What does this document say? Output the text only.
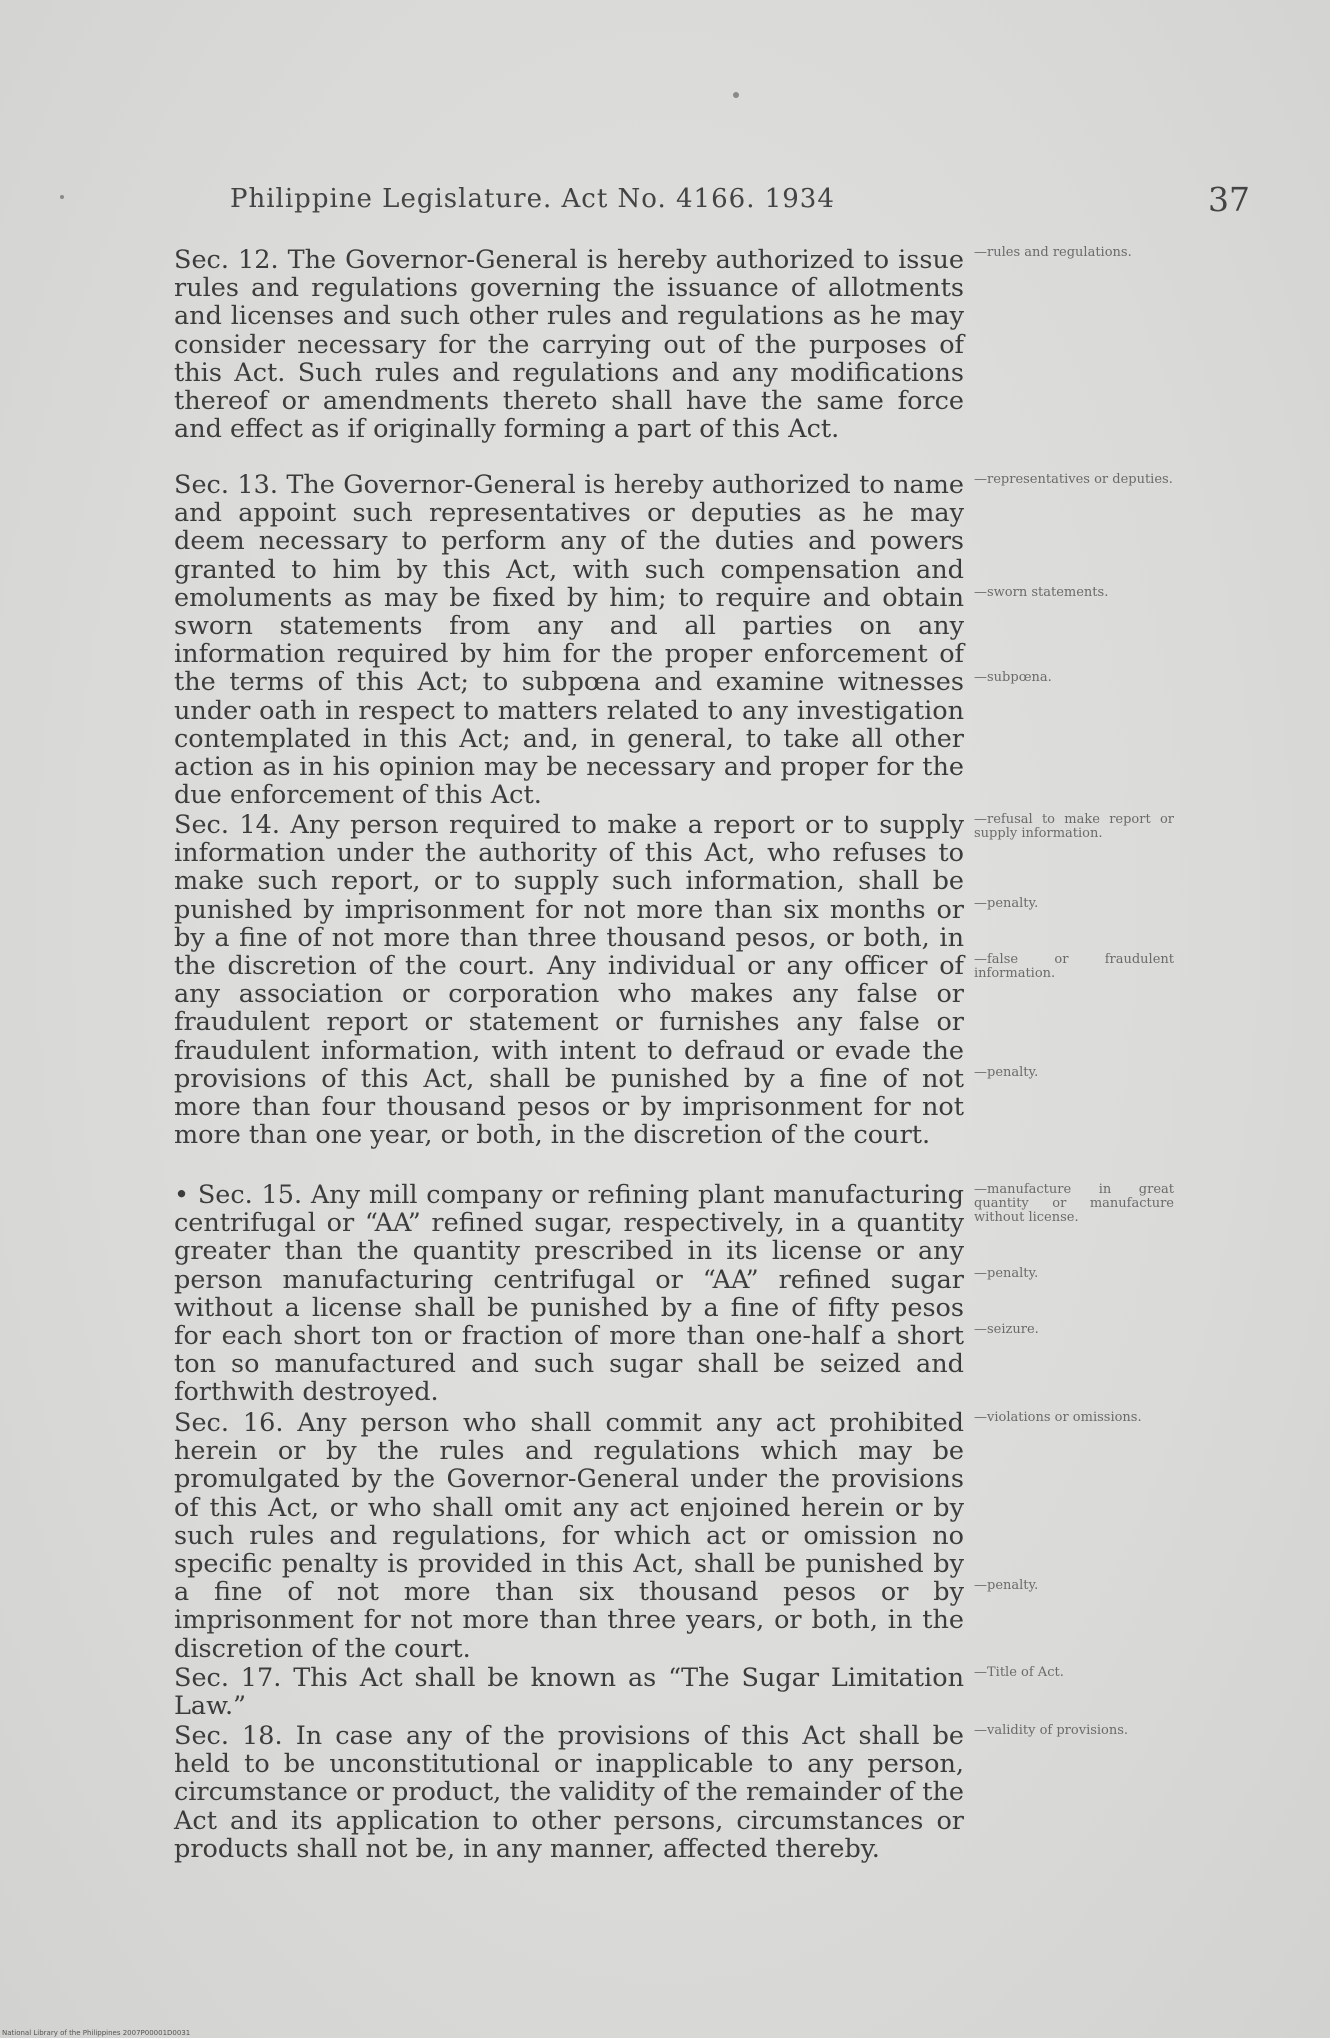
Philippine Legislature. Act No. 4166. 1934	37

Sec. 12. The Governor-General is hereby authorized to issue rules and regulations governing the issuance of allotments and licenses and such other rules and regulations as he may consider necessary for the carrying out of the purposes of this Act. Such rules and regulations and any modifications thereof or amendments thereto shall have the same force and effect as if originally forming a part of this Act.

—rules and regulations.

Sec. 13. The Governor-General is hereby authorized to name and appoint such representatives or deputies as he may deem necessary to perform any of the duties and powers granted to him by this Act, with such compensation and emoluments as may be fixed by him; to require and obtain sworn statements from any and all parties on any information required by him for the proper enforcement of the terms of this Act; to subpœna and examine witnesses under oath in respect to matters related to any investigation contemplated in this Act; and, in general, to take all other action as in his opinion may be necessary and proper for the due enforcement of this Act.

—representatives or deputies.
—sworn statements.
—subpœna.

Sec. 14. Any person required to make a report or to supply information under the authority of this Act, who refuses to make such report, or to supply such information, shall be punished by imprisonment for not more than six months or by a fine of not more than three thousand pesos, or both, in the discretion of the court. Any individual or any officer of any association or corporation who makes any false or fraudulent report or statement or furnishes any false or fraudulent information, with intent to defraud or evade the provisions of this Act, shall be punished by a fine of not more than four thousand pesos or by imprisonment for not more than one year, or both, in the discretion of the court.

—refusal to make report or supply information.
—penalty.
—false or fraudulent information.
—penalty.

• Sec. 15. Any mill company or refining plant manufacturing centrifugal or “AA” refined sugar, respectively, in a quantity greater than the quantity prescribed in its license or any person manufacturing centrifugal or “AA” refined sugar without a license shall be punished by a fine of fifty pesos for each short ton or fraction of more than one-half a short ton so manufactured and such sugar shall be seized and forthwith destroyed.

—manufacture in great quantity or manufacture without license.
—penalty.
—seizure.

Sec. 16. Any person who shall commit any act prohibited herein or by the rules and regulations which may be promulgated by the Governor-General under the provisions of this Act, or who shall omit any act enjoined herein or by such rules and regulations, for which act or omission no specific penalty is provided in this Act, shall be punished by a fine of not more than six thousand pesos or by imprisonment for not more than three years, or both, in the discretion of the court.

—violations or omissions.
—penalty.

Sec. 17. This Act shall be known as “The Sugar Limitation Law.”

—Title of Act.

Sec. 18. In case any of the provisions of this Act shall be held to be unconstitutional or inapplicable to any person, circumstance or product, the validity of the remainder of the Act and its application to other persons, circumstances or products shall not be, in any manner, affected thereby.

—validity of provisions.
National Library of the Philippines 2007P00001D0031
